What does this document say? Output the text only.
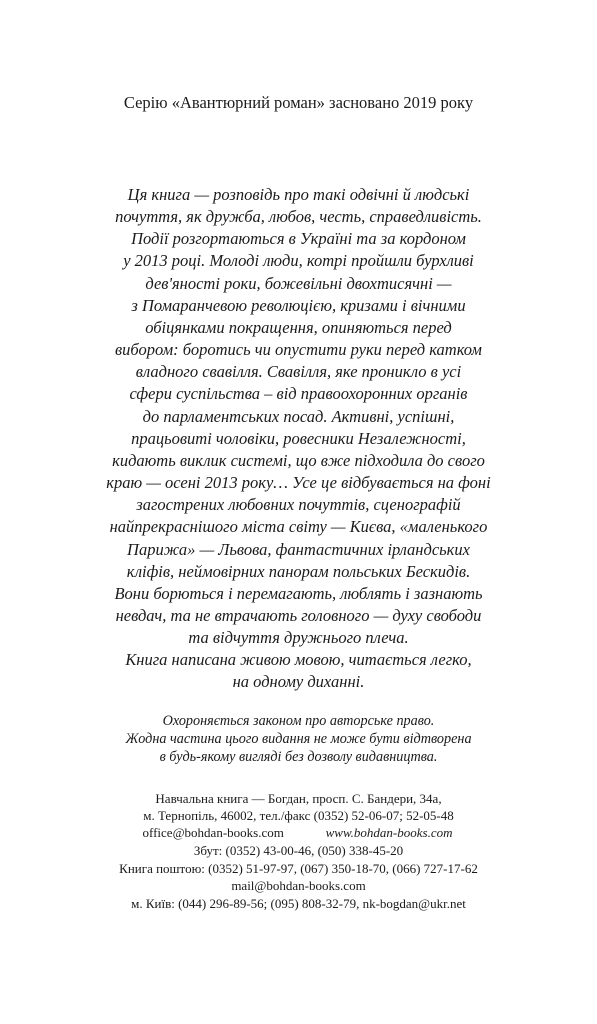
Серію «Авантюрний роман» засновано 2019 року
Ця книга — розповідь про такі одвічні й людські
почуття, як дружба, любов, честь, справедливість.
Події розгортаються в Україні та за кордоном
у 2013 році. Молоді люди, котрі пройшли бурхливі
дев'яності роки, божевільні двохтисячні —
з Помаранчевою революцією, кризами і вічними
обіцянками покращення, опиняються перед
вибором: боротись чи опустити руки перед катком
владного свавілля. Свавілля, яке проникло в усі
сфери суспільства – від правоохоронних органів
до парламентських посад. Активні, успішні,
працьовиті чоловіки, ровесники Незалежності,
кидають виклик системі, що вже підходила до свого
краю — осені 2013 року… Усе це відбувається на фоні
загострених любовних почуттів, сценографій
найпрекраснішого міста світу — Києва, «маленького
Парижа» — Львова, фантастичних ірландських
кліфів, неймовірних панорам польських Бескидів.
Вони борються і перемагають, люблять і зазнають
невдач, та не втрачають головного — духу свободи
та відчуття дружнього плеча.
Книга написана живою мовою, читається легко,
на одному диханні.
Охороняється законом про авторське право.
Жодна частина цього видання не може бути відтворена
в будь-якому вигляді без дозволу видавництва.
Навчальна книга — Богдан, просп. С. Бандери, 34а,
м. Тернопіль, 46002, тел./факс (0352) 52-06-07; 52-05-48
office@bohdan-books.com	www.bohdan-books.com
Збут: (0352) 43-00-46, (050) 338-45-20
Книга поштою: (0352) 51-97-97, (067) 350-18-70, (066) 727-17-62
mail@bohdan-books.com
м. Київ: (044) 296-89-56; (095) 808-32-79, nk-bogdan@ukr.net
